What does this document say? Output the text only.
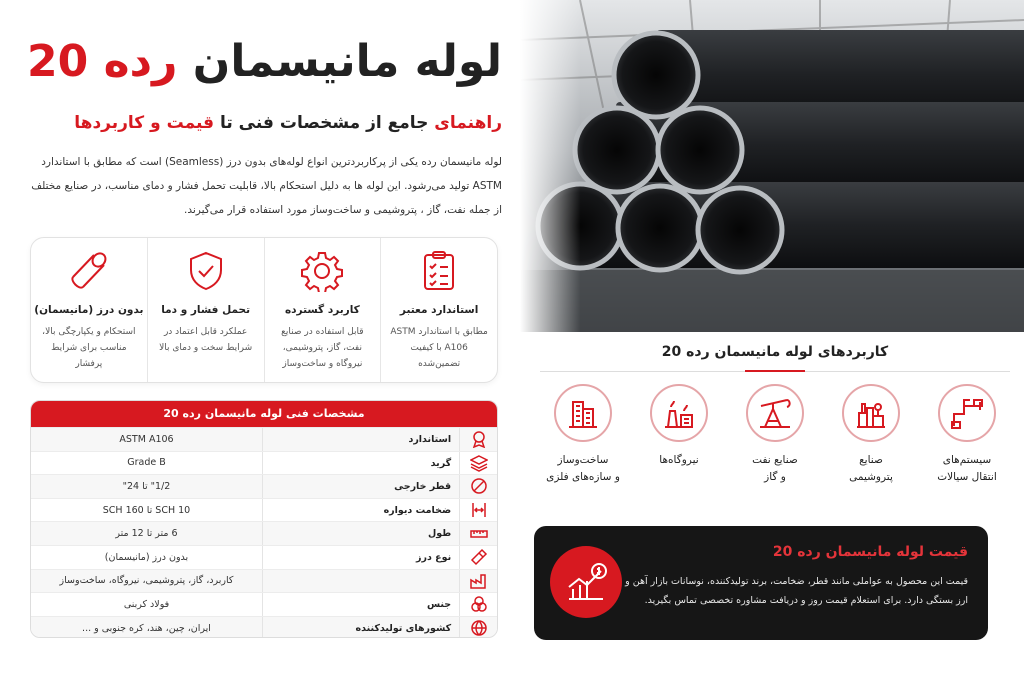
لوله مانیسمان رده 20
راهنمای جامع از مشخصات فنی تا قیمت و کاربردها

لوله مانیسمان رده یکی از پرکاربردترین انواع لوله‌های بدون درز (Seamless) است که مطابق با استاندارد ASTM تولید می‌رشود. این لوله ها به دلیل استحکام بالا، قابلیت تحمل فشار و دمای مناسب، در صنایع مختلف از جمله نفت، گاز ، پتروشیمی و ساخت‌وساز مورد استفاده قرار می‌گیرند.

استاندارد معتبر
مطابق با استاندارد ASTM A106 با کیفیت تضمین‌شده
کاربرد گسترده
قابل استفاده در صنایع نفت، گاز، پتروشیمی، نیروگاه و ساخت‌وساز
تحمل فشار و دما
عملکرد قابل اعتماد در شرایط سخت و دمای بالا
بدون درز (مانیسمان)
استحکام و یکپارچگی بالا، مناسب برای شرایط پرفشار
مشخصات فنی لوله مانیسمان رده 20
ASTM A106	استاندارد
Grade B	گرید
1/2" تا 24"	قطر خارجی
SCH 10 تا SCH 160	ضخامت دیواره
6 متر تا 12 متر	طول
بدون درز (مانیسمان)	نوع درز
کاربرد، گاز، پتروشیمی، نیروگاه، ساخت‌وساز
فولاد کربنی	جنس
ایران، چین، هند، کره جنوبی و ...	کشورهای تولیدکننده
کاربردهای لوله مانیسمان رده 20
سیستم‌های
انتقال سیالات
صنایع
پتروشیمی
صنایع نفت
و گاز
نیروگاه‌ها
ساخت‌وساز
و سازه‌های فلزی
قیمت لوله مانیسمان رده 20
قیمت این محصول به عواملی مانند قطر، ضخامت، برند تولیدکننده، نوسانات بازار آهن و ارز بستگی دارد. برای استعلام قیمت روز و دریافت مشاوره تخصصی تماس بگیرید.
